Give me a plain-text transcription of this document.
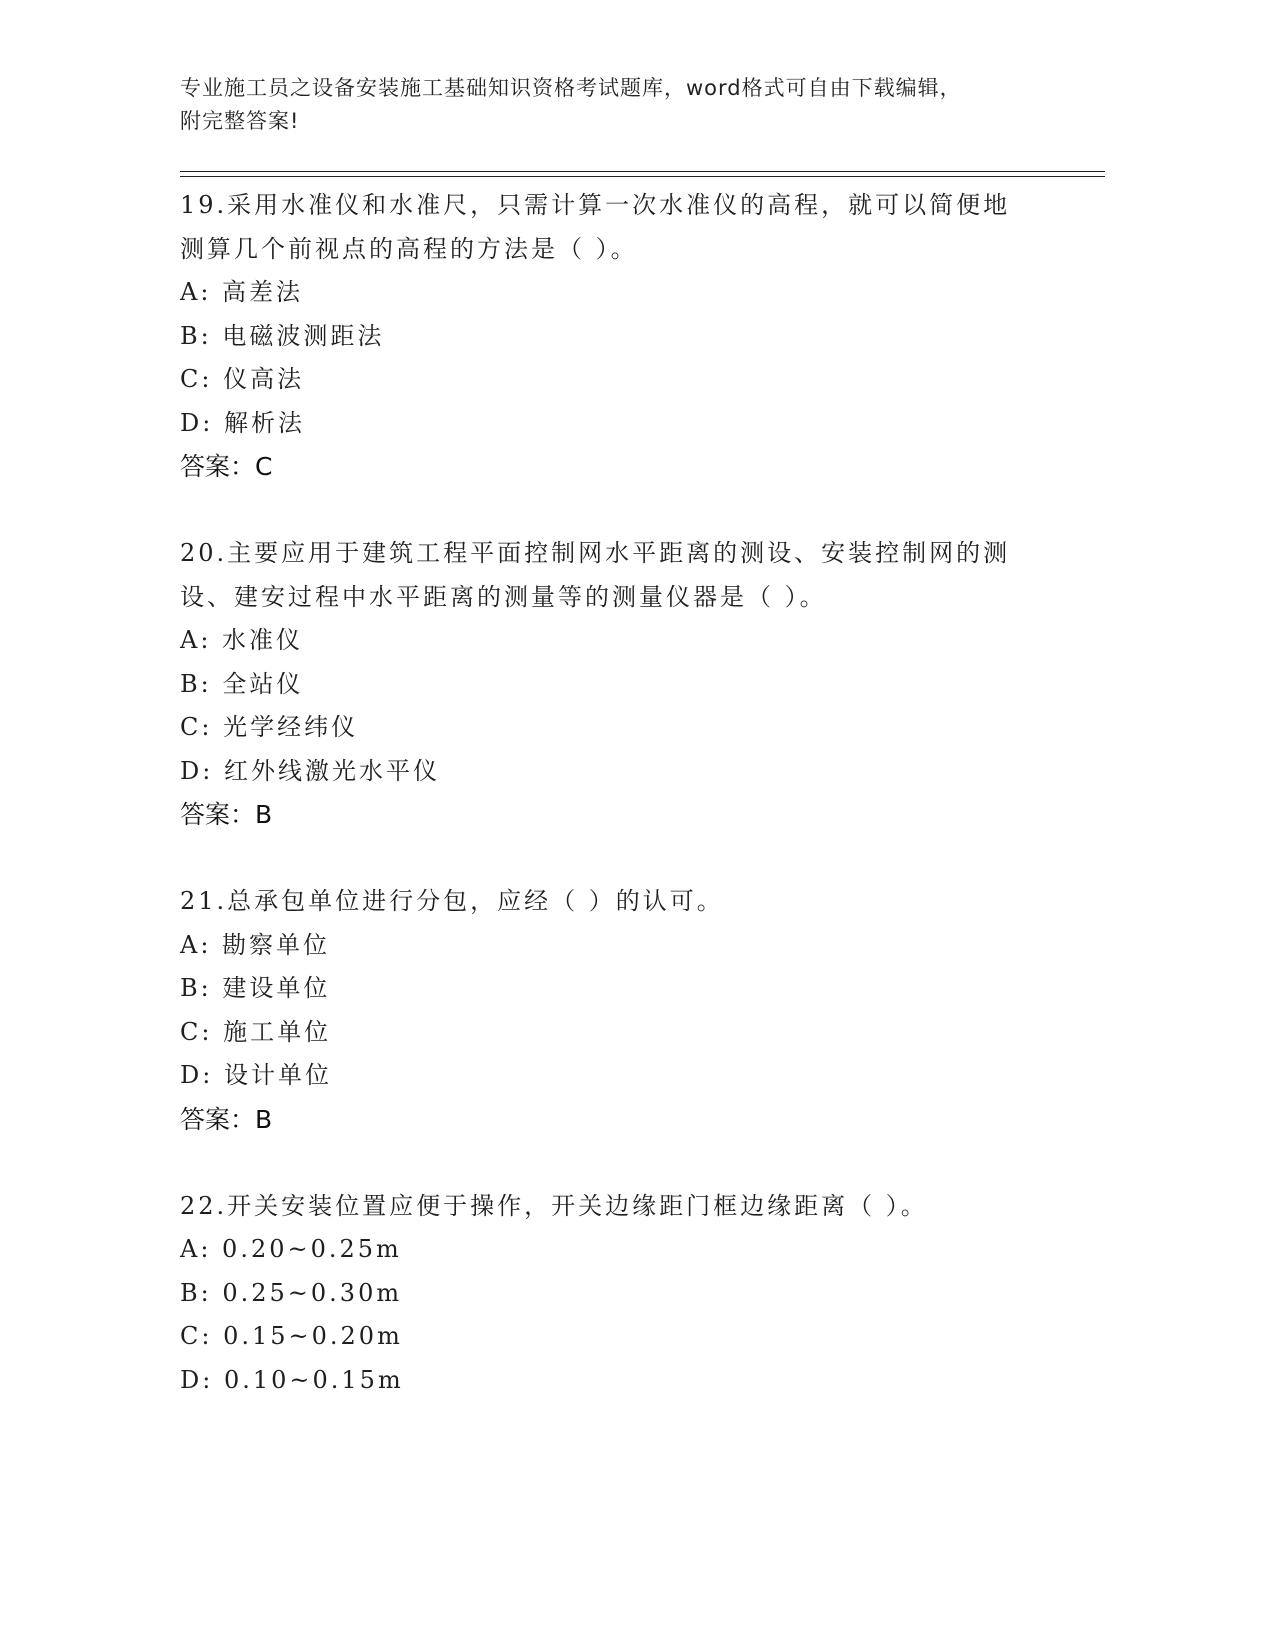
专业施工员之设备安装施工基础知识资格考试题库，word格式可自由下载编辑，
附完整答案!
19.采用水准仪和水准尺，只需计算一次水准仪的高程，就可以简便地
测算几个前视点的高程的方法是（ ）。
A: 高差法
B: 电磁波测距法
C: 仪高法
D: 解析法
答案：C
20.主要应用于建筑工程平面控制网水平距离的测设、安装控制网的测
设、建安过程中水平距离的测量等的测量仪器是（ ）。
A: 水准仪
B: 全站仪
C: 光学经纬仪
D: 红外线激光水平仪
答案：B
21.总承包单位进行分包，应经（ ）的认可。
A: 勘察单位
B: 建设单位
C: 施工单位
D: 设计单位
答案：B
22.开关安装位置应便于操作，开关边缘距门框边缘距离（ ）。
A: 0.20~0.25m
B: 0.25~0.30m
C: 0.15~0.20m
D: 0.10~0.15m
